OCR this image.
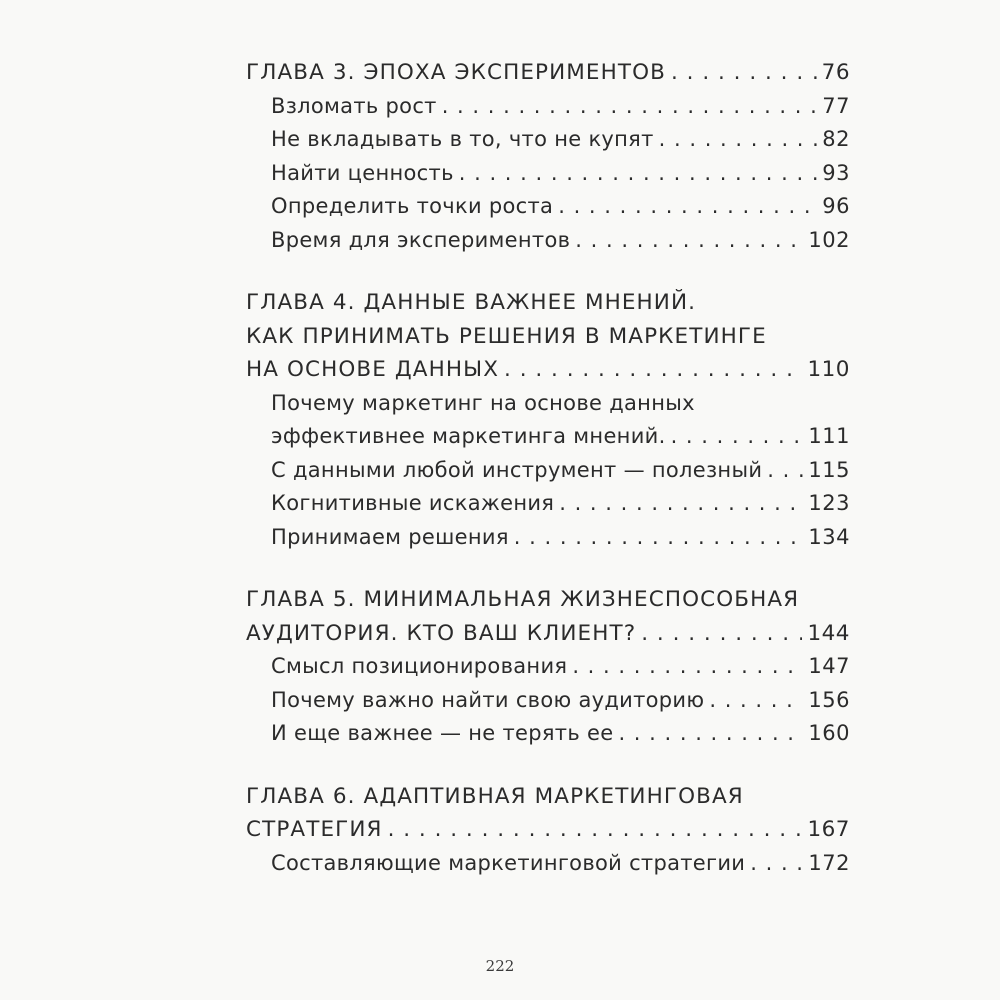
ГЛАВА 3. ЭПОХА ЭКСПЕРИМЕНТОВ . . .	76
Взломать рост . . .	77
Не вкладывать в то, что не купят . . .	82
Найти ценность . . .	93
Определить точки роста . . .	96
Время для экспериментов . . .	102
ГЛАВА 4. ДАННЫЕ ВАЖНЕЕ МНЕНИЙ.
КАК ПРИНИМАТЬ РЕШЕНИЯ В МАРКЕТИНГЕ
НА ОСНОВЕ ДАННЫХ . . .	110
Почему маркетинг на основе данных
эффективнее маркетинга мнений. . . .	111
С данными любой инструмент — полезный . . . 115
Когнитивные искажения . . .	123
Принимаем решения . . .	134
ГЛАВА 5. МИНИМАЛЬНАЯ ЖИЗНЕСПОСОБНАЯ
АУДИТОРИЯ. КТО ВАШ КЛИЕНТ? . . .	144
Смысл позиционирования . . .	147
Почему важно найти свою аудиторию . . .	156
И еще важнее — не терять ее . . .	160
ГЛАВА 6. АДАПТИВНАЯ МАРКЕТИНГОВАЯ
СТРАТЕГИЯ . . .	167
Составляющие маркетинговой стратегии . . .	172
222
